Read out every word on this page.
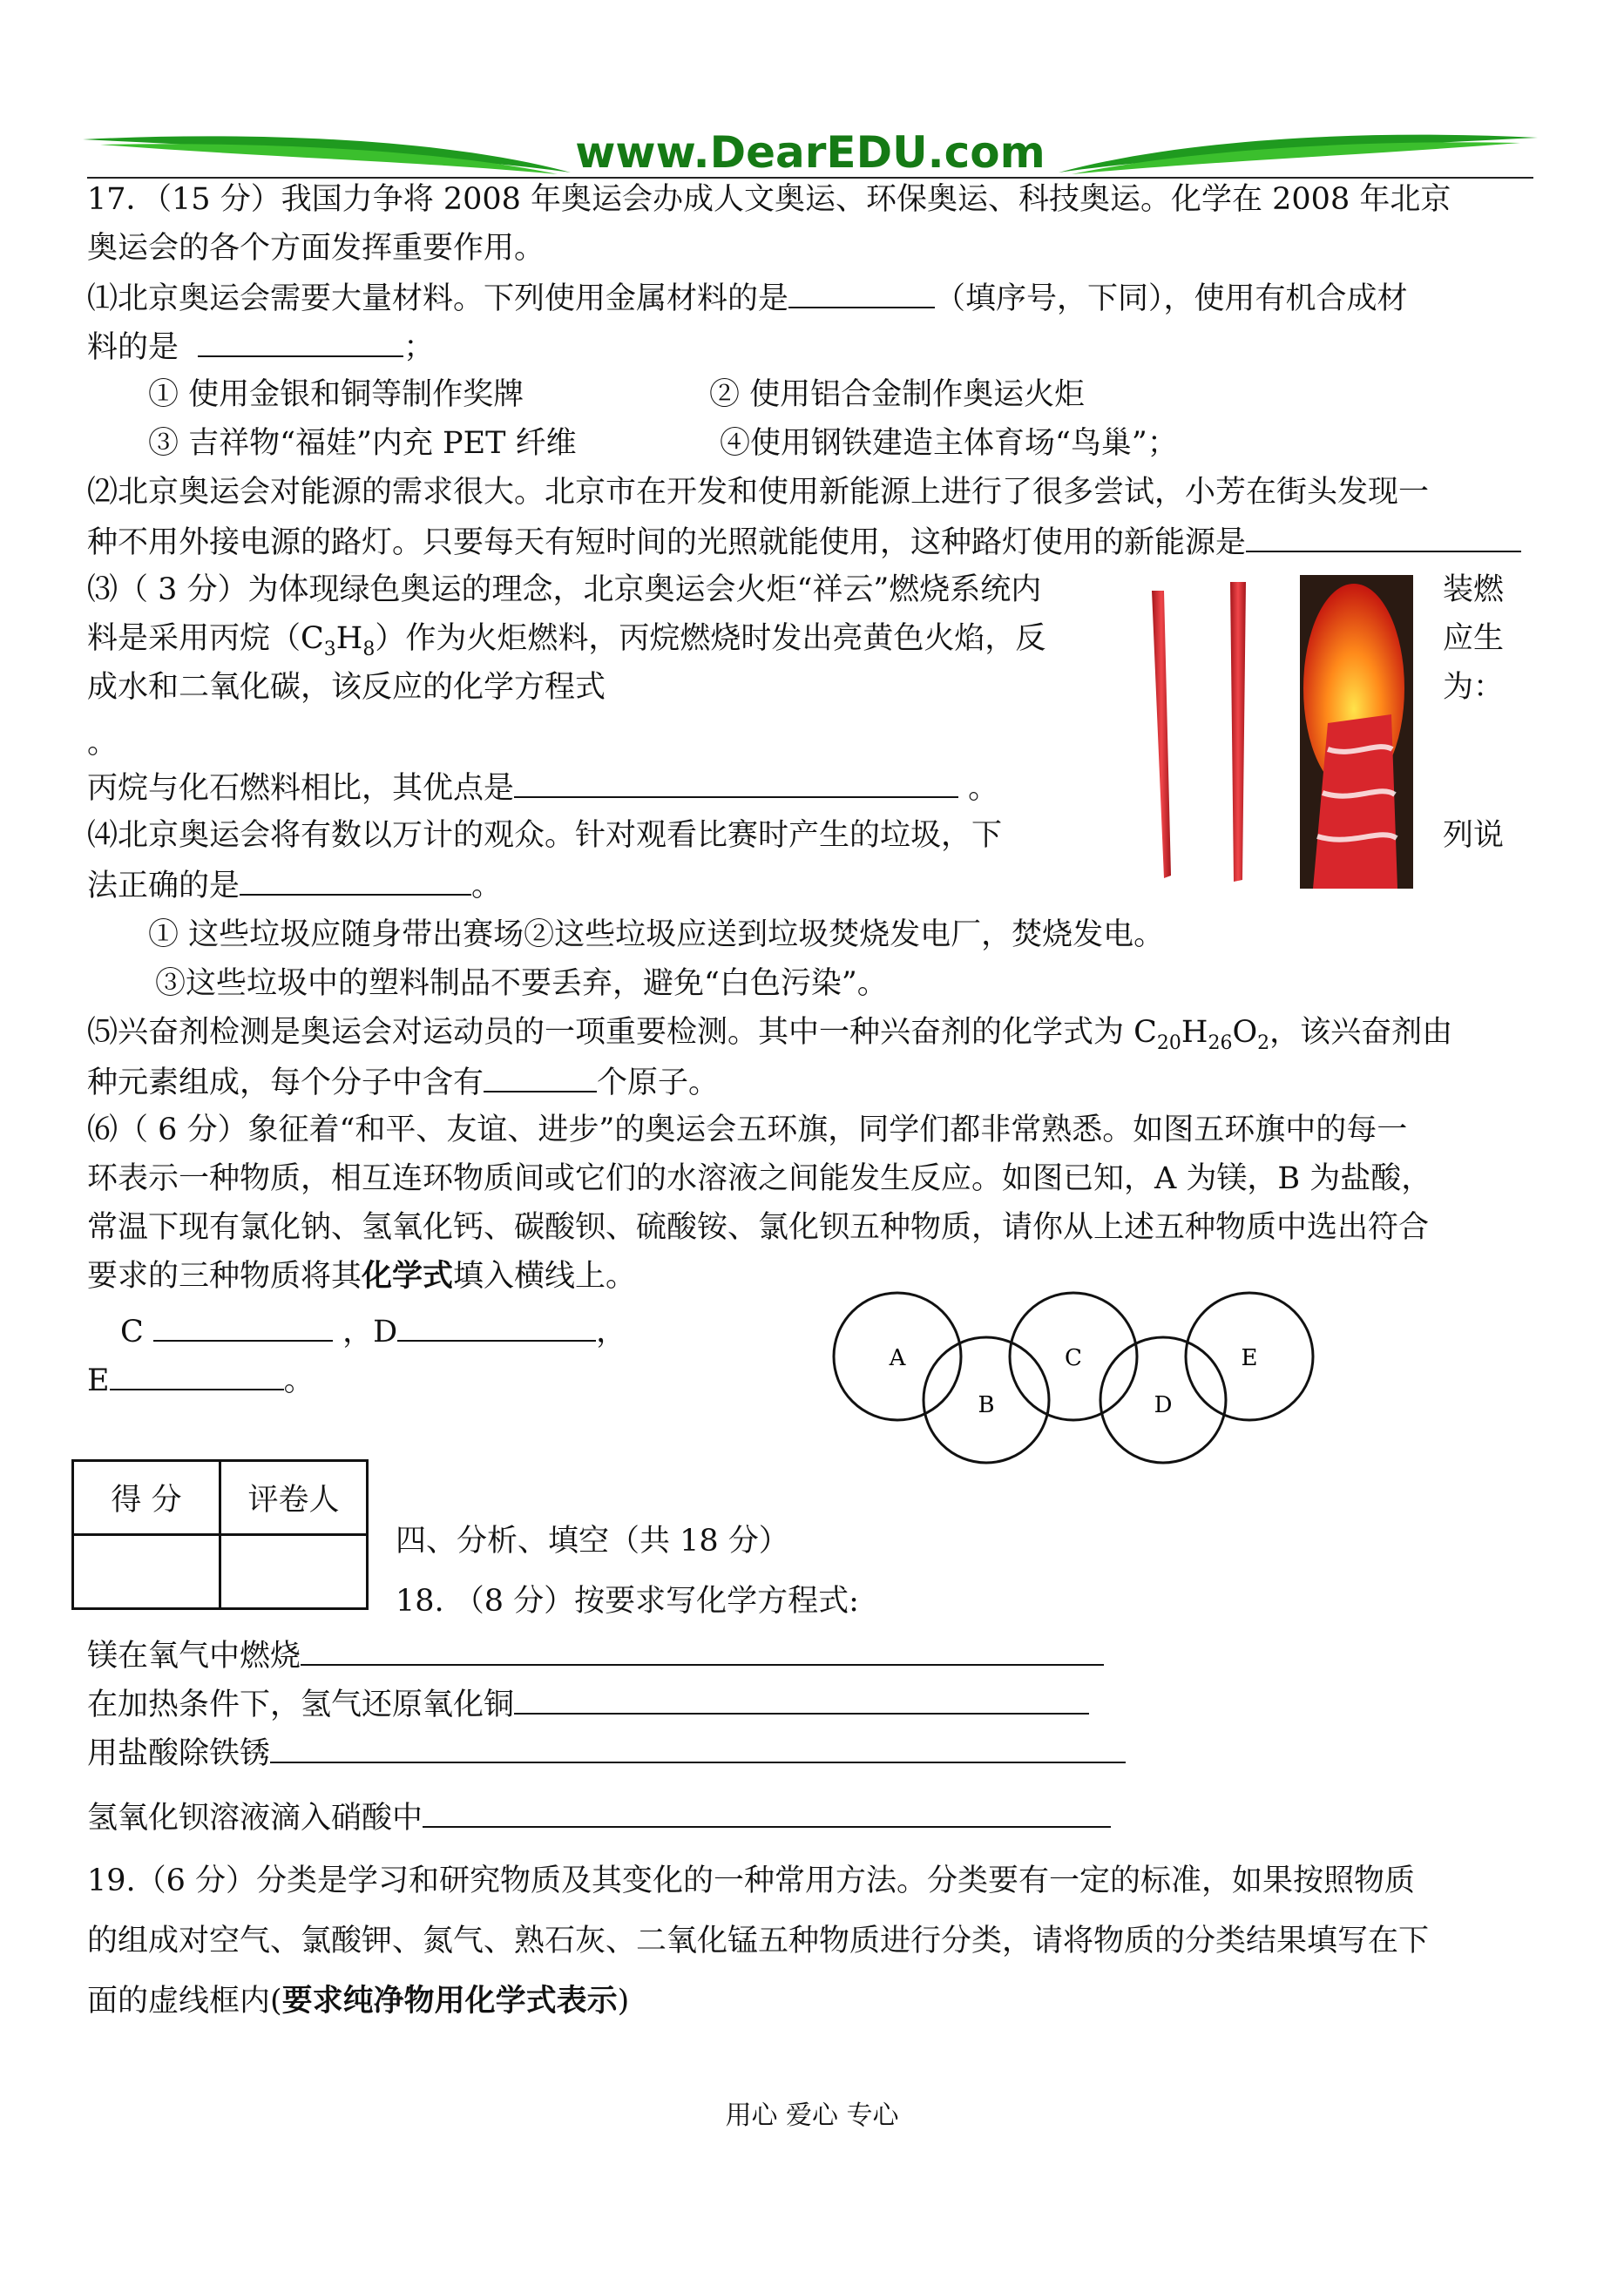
www.DearEDU.com
17．（15 分）我国力争将 2008 年奥运会办成人文奥运、环保奥运、科技奥运。化学在 2008 年北京
奥运会的各个方面发挥重要作用。
⑴北京奥运会需要大量材料。下列使用金属材料的是	（填序号，下同），使用有机合成材
料的是	；
① 使用金银和铜等制作奖牌	② 使用铝合金制作奥运火炬
③ 吉祥物“福娃”内充 PET 纤维	④使用钢铁建造主体育场“鸟巢”；
⑵北京奥运会对能源的需求很大。北京市在开发和使用新能源上进行了很多尝试，小芳在街头发现一
种不用外接电源的路灯。只要每天有短时间的光照就能使用，这种路灯使用的新能源是
⑶（ 3 分）为体现绿色奥运的理念，北京奥运会火炬“祥云”燃烧系统内	装燃
料是采用丙烷$(C_3H_8)$作为火炬燃料，丙烷燃烧时发出亮黄色火焰，反	应生
成水和二氧化碳，该反应的化学方程式	为：
。
丙烷与化石燃料相比，其优点是	。
⑷北京奥运会将有数以万计的观众。针对观看比赛时产生的垃圾，下	列说
法正确的是	。
① 这些垃圾应随身带出赛场②这些垃圾应送到垃圾焚烧发电厂，焚烧发电。
③这些垃圾中的塑料制品不要丢弃，避免“白色污染”。
⑸兴奋剂检测是奥运会对运动员的一项重要检测。其中一种兴奋剂的化学式为 $C_{20}H_{26}O_2$，该兴奋剂由
种元素组成，每个分子中含有	个原子。
⑹（ 6 分）象征着“和平、友谊、进步”的奥运会五环旗，同学们都非常熟悉。如图五环旗中的每一
环表示一种物质，相互连环物质间或它们的水溶液之间能发生反应。如图已知，A 为镁，B 为盐酸，
常温下现有氯化钠、氢氧化钙、碳酸钡、硫酸铵、氯化钡五种物质，请你从上述五种物质中选出符合
要求的三种物质将其化学式填入横线上。
C	，D	，
E	。
A
B
C
D
E
得 分	评卷人

四、分析、填空（共 18 分）
18. （8 分）按要求写化学方程式:
镁在氧气中燃烧
在加热条件下，氢气还原氧化铜
用盐酸除铁锈
氢氧化钡溶液滴入硝酸中
19.（6 分）分类是学习和研究物质及其变化的一种常用方法。分类要有一定的标准，如果按照物质
的组成对空气、氯酸钾、氮气、熟石灰、二氧化锰五种物质进行分类，请将物质的分类结果填写在下
面的虚线框内(要求纯净物用化学式表示)
用心 爱心 专心
